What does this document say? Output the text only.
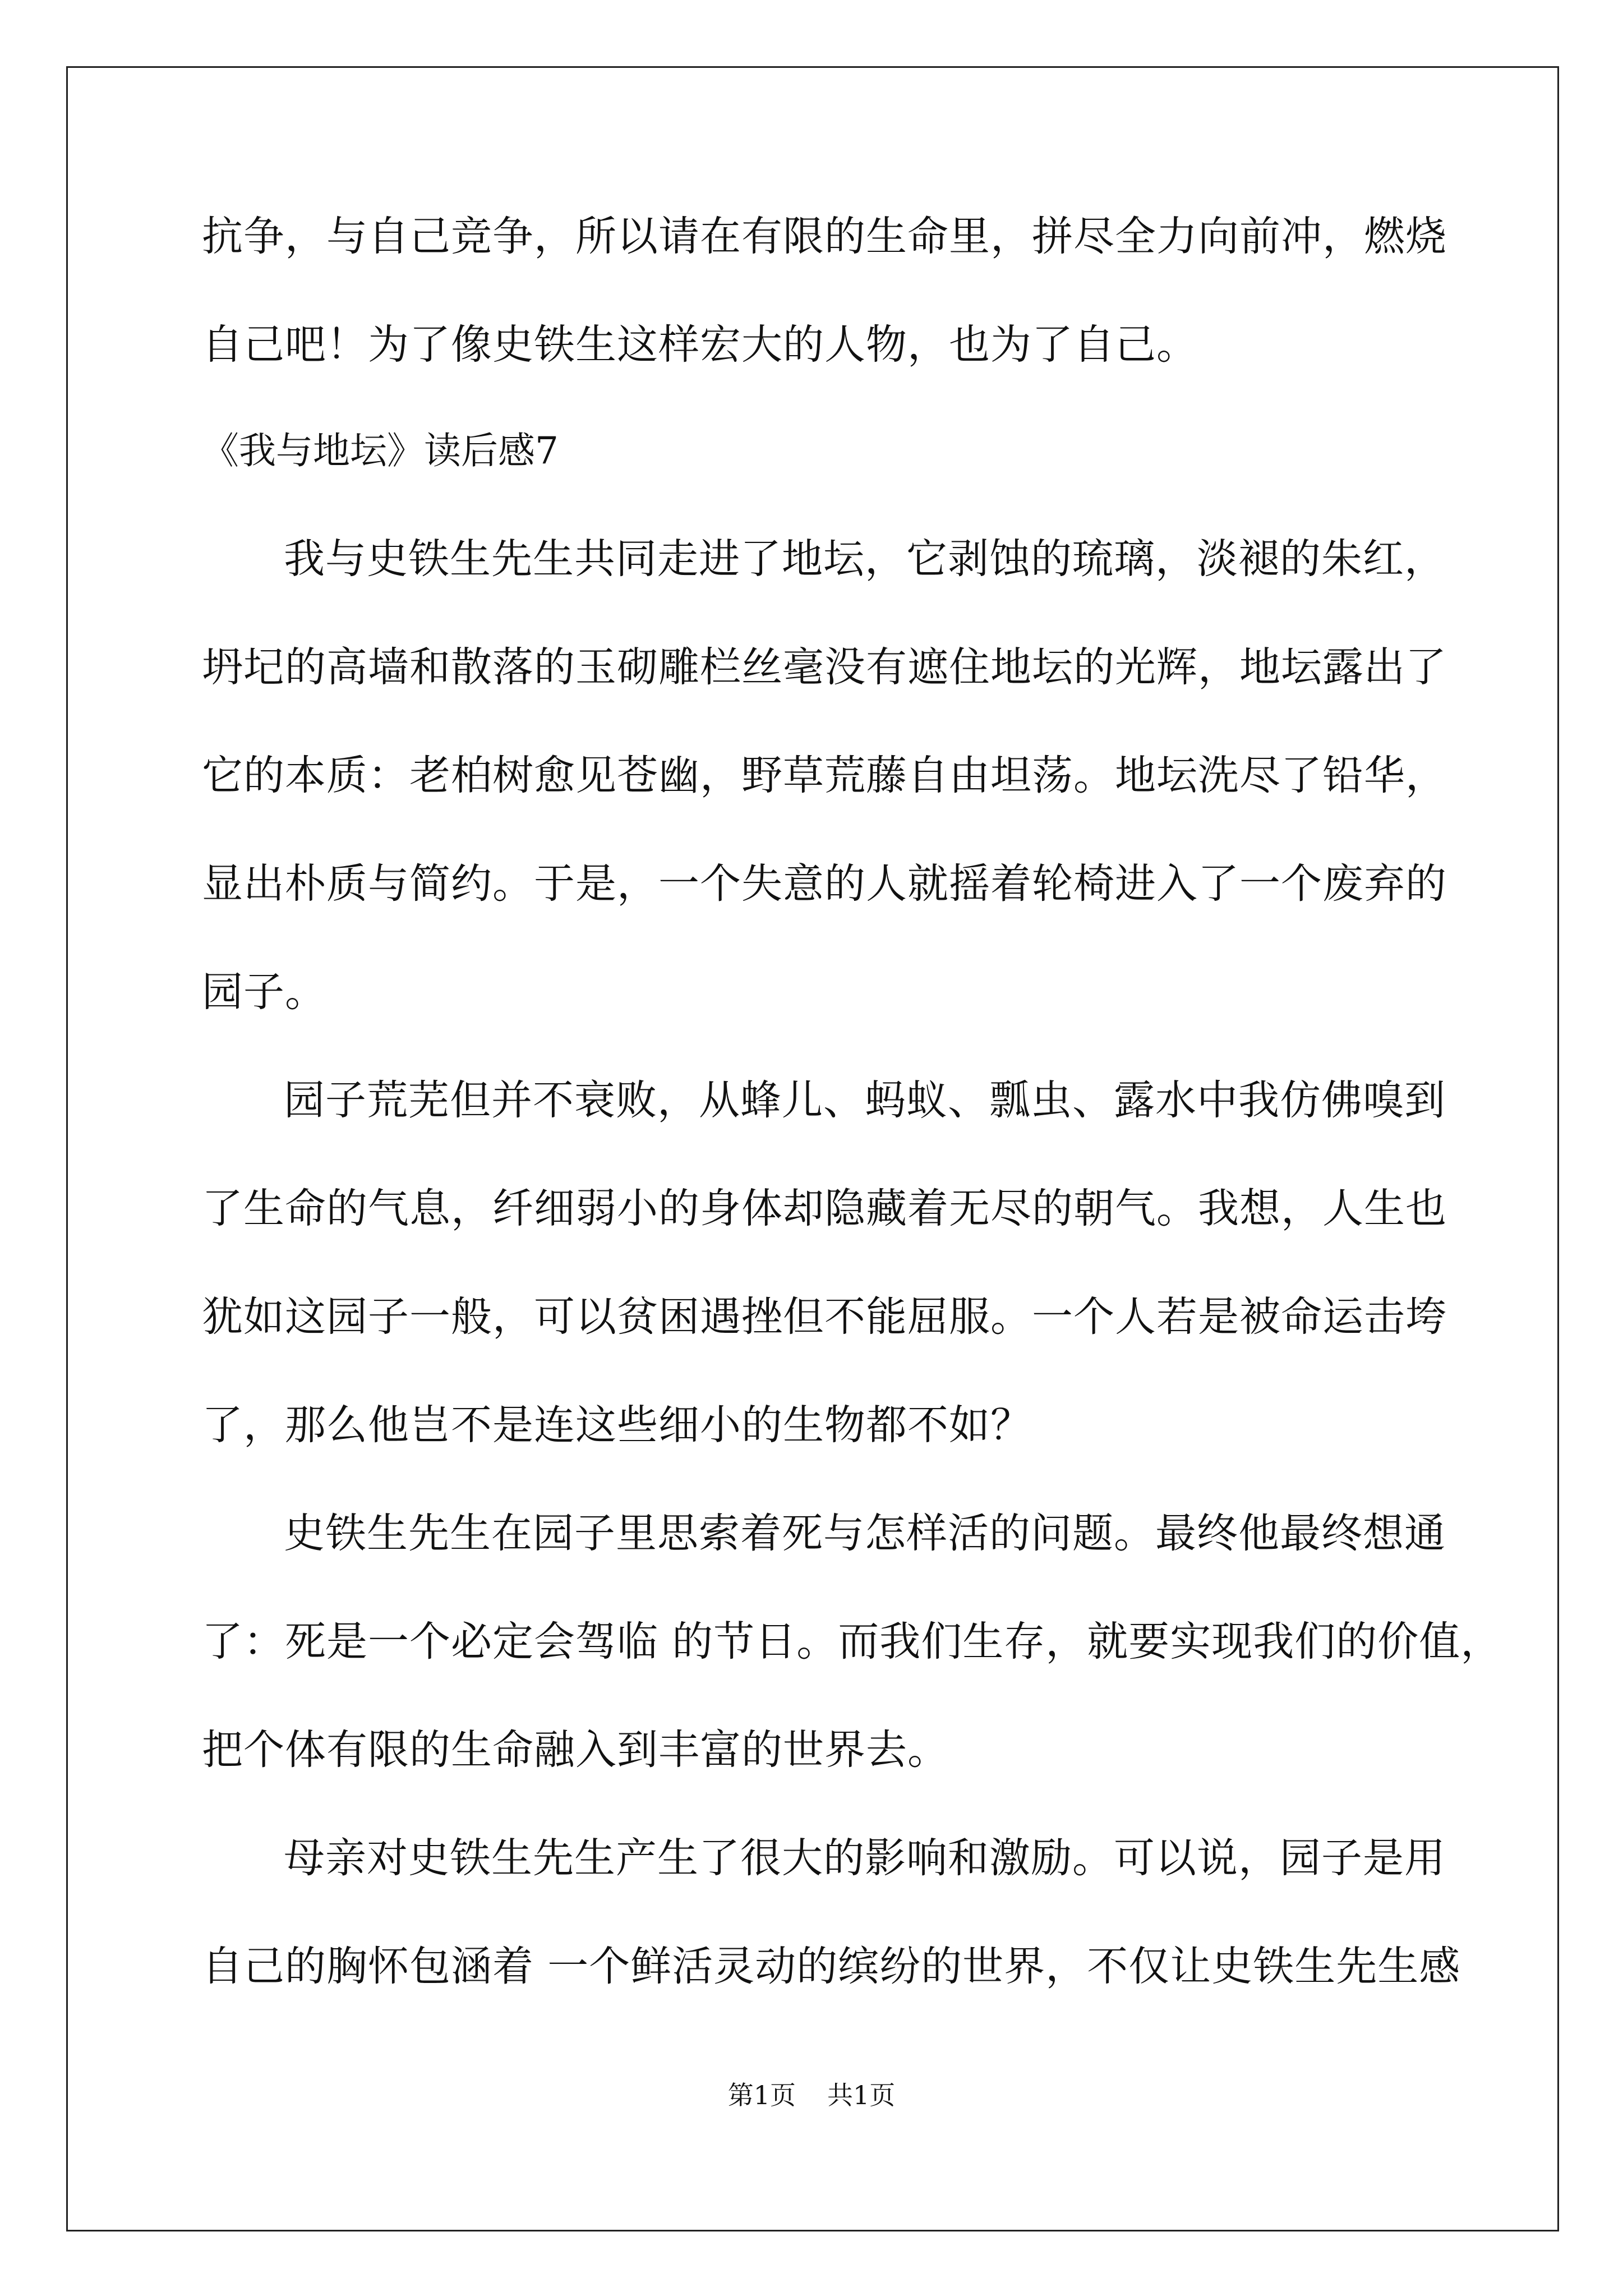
抗争，与自己竞争，所以请在有限的生命里，拼尽全力向前冲，燃烧

自己吧！为了像史铁生这样宏大的人物，也为了自己。

《我与地坛》读后感7

我与史铁生先生共同走进了地坛，它剥蚀的琉璃，淡褪的朱红，

坍圮的高墙和散落的玉砌雕栏丝毫没有遮住地坛的光辉，地坛露出了

它的本质：老柏树愈见苍幽，野草荒藤自由坦荡。地坛洗尽了铅华，

显出朴质与简约。于是，一个失意的人就摇着轮椅进入了一个废弃的

园子。

园子荒芜但并不衰败，从蜂儿、蚂蚁、瓢虫、露水中我仿佛嗅到

了生命的气息，纤细弱小的身体却隐藏着无尽的朝气。我想，人生也

犹如这园子一般，可以贫困遇挫但不能屈服。一个人若是被命运击垮

了，那么他岂不是连这些细小的生物都不如？

史铁生先生在园子里思索着死与怎样活的问题。最终他最终想通

了：死是一个必定会驾临 的节日。而我们生存，就要实现我们的价值，

把个体有限的生命融入到丰富的世界去。

母亲对史铁生先生产生了很大的影响和激励。可以说，园子是用

自己的胸怀包涵着 一个鲜活灵动的缤纷的世界，不仅让史铁生先生感

第1页 共1页
